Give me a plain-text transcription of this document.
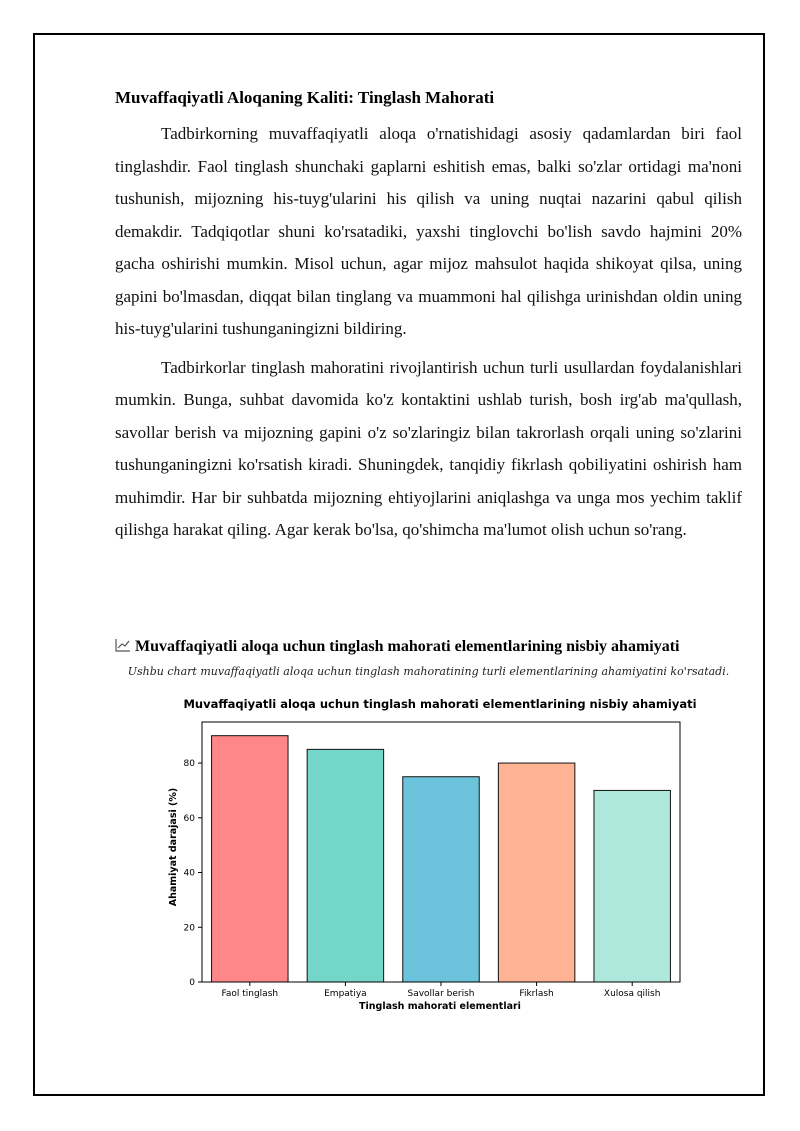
Muvaffaqiyatli Aloqaning Kaliti: Tinglash Mahorati

Tadbirkorning muvaffaqiyatli aloqa o'rnatishidagi asosiy qadamlardan biri faol tinglashdir. Faol tinglash shunchaki gaplarni eshitish emas, balki so'zlar ortidagi ma'noni tushunish, mijozning his-tuyg'ularini his qilish va uning nuqtai nazarini qabul qilish demakdir. Tadqiqotlar shuni ko'rsatadiki, yaxshi tinglovchi bo'lish savdo hajmini 20% gacha oshirishi mumkin. Misol uchun, agar mijoz mahsulot haqida shikoyat qilsa, uning gapini bo'lmasdan, diqqat bilan tinglang va muammoni hal qilishga urinishdan oldin uning his-tuyg'ularini tushunganingizni bildiring.

Tadbirkorlar tinglash mahoratini rivojlantirish uchun turli usullardan foydalanishlari mumkin. Bunga, suhbat davomida ko'z kontaktini ushlab turish, bosh irg'ab ma'qullash, savollar berish va mijozning gapini o'z so'zlaringiz bilan takrorlash orqali uning so'zlarini tushunganingizni ko'rsatish kiradi. Shuningdek, tanqidiy fikrlash qobiliyatini oshirish ham muhimdir. Har bir suhbatda mijozning ehtiyojlarini aniqlashga va unga mos yechim taklif qilishga harakat qiling. Agar kerak bo'lsa, qo'shimcha ma'lumot olish uchun so'rang.

Muvaffaqiyatli aloqa uchun tinglash mahorati elementlarining nisbiy ahamiyati
Ushbu chart muvaffaqiyatli aloqa uchun tinglash mahoratining turli elementlarining ahamiyatini ko'rsatadi.
Muvaffaqiyatli aloqa uchun tinglash mahorati elementlarining nisbiy ahamiyati
Faol tinglash	Empatiya	Savollar berish	Fikrlash	Xulosa qilish
0
20
40
60
80
Tinglash mahorati elementlari
Ahamiyat darajasi (%)
